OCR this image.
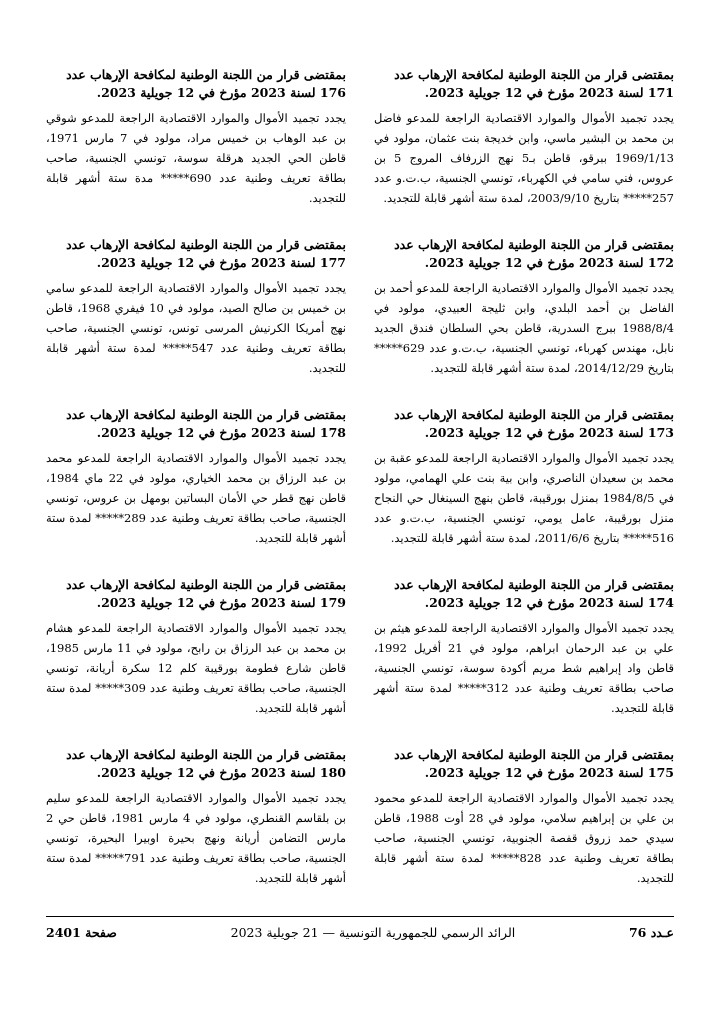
بمقتضى قرار من اللجنة الوطنية لمكافحة الإرهاب عدد 171 لسنة 2023 مؤرخ في 12 جويلية 2023.

يجدد تجميد الأموال والموارد الاقتصادية الراجعة للمدعو فاضل بن محمد بن البشير ماسي، وابن خديجة بنت عثمان، مولود في 1969/1/13 ببرقو، قاطن بـ5 نهج الزرفاف المروج 5 بن عروس، فني سامي في الكهرباء، تونسي الجنسية، ب.ت.و عدد 257***** بتاريخ 2003/9/10، لمدة ستة أشهر قابلة للتجديد.

بمقتضى قرار من اللجنة الوطنية لمكافحة الإرهاب عدد 172 لسنة 2023 مؤرخ في 12 جويلية 2023.

يجدد تجميد الأموال والموارد الاقتصادية الراجعة للمدعو أحمد بن الفاضل بن أحمد البلدي، وابن ثليجة العبيدي، مولود في 1988/8/4 ببرج السدرية، قاطن بحي السلطان فندق الجديد نابل، مهندس كهرباء، تونسي الجنسية، ب.ت.و عدد 629***** بتاريخ 2014/12/29، لمدة ستة أشهر قابلة للتجديد.

بمقتضى قرار من اللجنة الوطنية لمكافحة الإرهاب عدد 173 لسنة 2023 مؤرخ في 12 جويلية 2023.

يجدد تجميد الأموال والموارد الاقتصادية الراجعة للمدعو عقبة بن محمد بن سعيدان الناصري، وابن بية بنت علي الهمامي، مولود في 1984/8/5 بمنزل بورقيبة، قاطن بنهج السينغال حي النجاح منزل بورقيبة، عامل يومي، تونسي الجنسية، ب.ت.و عدد 516***** بتاريخ 2011/6/6، لمدة ستة أشهر قابلة للتجديد.

بمقتضى قرار من اللجنة الوطنية لمكافحة الإرهاب عدد 174 لسنة 2023 مؤرخ في 12 جويلية 2023.

يجدد تجميد الأموال والموارد الاقتصادية الراجعة للمدعو هيثم بن علي بن عبد الرحمان ابراهم، مولود في 21 أفريل 1992، قاطن واد إبراهيم شط مريم أكودة سوسة، تونسي الجنسية، صاحب بطاقة تعريف وطنية عدد 312***** لمدة ستة أشهر قابلة للتجديد.

بمقتضى قرار من اللجنة الوطنية لمكافحة الإرهاب عدد 175 لسنة 2023 مؤرخ في 12 جويلية 2023.

يجدد تجميد الأموال والموارد الاقتصادية الراجعة للمدعو محمود بن علي بن إبراهيم سلامي، مولود في 28 أوت 1988، قاطن سيدي حمد زروق قفصة الجنوبية، تونسي الجنسية، صاحب بطاقة تعريف وطنية عدد 828***** لمدة ستة أشهر قابلة للتجديد.

بمقتضى قرار من اللجنة الوطنية لمكافحة الإرهاب عدد 176 لسنة 2023 مؤرخ في 12 جويلية 2023.

يجدد تجميد الأموال والموارد الاقتصادية الراجعة للمدعو شوقي بن عبد الوهاب بن خميس مراد، مولود في 7 مارس 1971، قاطن الحي الجديد هرقلة سوسة، تونسي الجنسية، صاحب بطاقة تعريف وطنية عدد 690***** مدة ستة أشهر قابلة للتجديد.

بمقتضى قرار من اللجنة الوطنية لمكافحة الإرهاب عدد 177 لسنة 2023 مؤرخ في 12 جويلية 2023.

يجدد تجميد الأموال والموارد الاقتصادية الراجعة للمدعو سامي بن خميس بن صالح الصيد، مولود في 10 فيفري 1968، قاطن نهج أمريكا الكرنيش المرسى تونس، تونسي الجنسية، صاحب بطاقة تعريف وطنية عدد 547***** لمدة ستة أشهر قابلة للتجديد.

بمقتضى قرار من اللجنة الوطنية لمكافحة الإرهاب عدد 178 لسنة 2023 مؤرخ في 12 جويلية 2023.

يجدد تجميد الأموال والموارد الاقتصادية الراجعة للمدعو محمد بن عبد الرزاق بن محمد الخياري، مولود في 22 ماي 1984، قاطن نهج قطر حي الأمان البساتين بومهل بن عروس، تونسي الجنسية، صاحب بطاقة تعريف وطنية عدد 289***** لمدة ستة أشهر قابلة للتجديد.

بمقتضى قرار من اللجنة الوطنية لمكافحة الإرهاب عدد 179 لسنة 2023 مؤرخ في 12 جويلية 2023.

يجدد تجميد الأموال والموارد الاقتصادية الراجعة للمدعو هشام بن محمد بن عبد الرزاق بن رابح، مولود في 11 مارس 1985، قاطن شارع فطومة بورقيبة كلم 12 سكرة أريانة، تونسي الجنسية، صاحب بطاقة تعريف وطنية عدد 309***** لمدة ستة أشهر قابلة للتجديد.

بمقتضى قرار من اللجنة الوطنية لمكافحة الإرهاب عدد 180 لسنة 2023 مؤرخ في 12 جويلية 2023.

يجدد تجميد الأموال والموارد الاقتصادية الراجعة للمدعو سليم بن بلقاسم القنطري، مولود في 4 مارس 1981، قاطن حي 2 مارس التضامن أريانة ونهج بحيرة اوبيرا البحيرة، تونسي الجنسية، صاحب بطاقة تعريف وطنية عدد 791***** لمدة ستة أشهر قابلة للتجديد.

عـدد 76
الرائد الرسمي للجمهورية التونسية — 21 جويلية 2023
صفحة 2401
